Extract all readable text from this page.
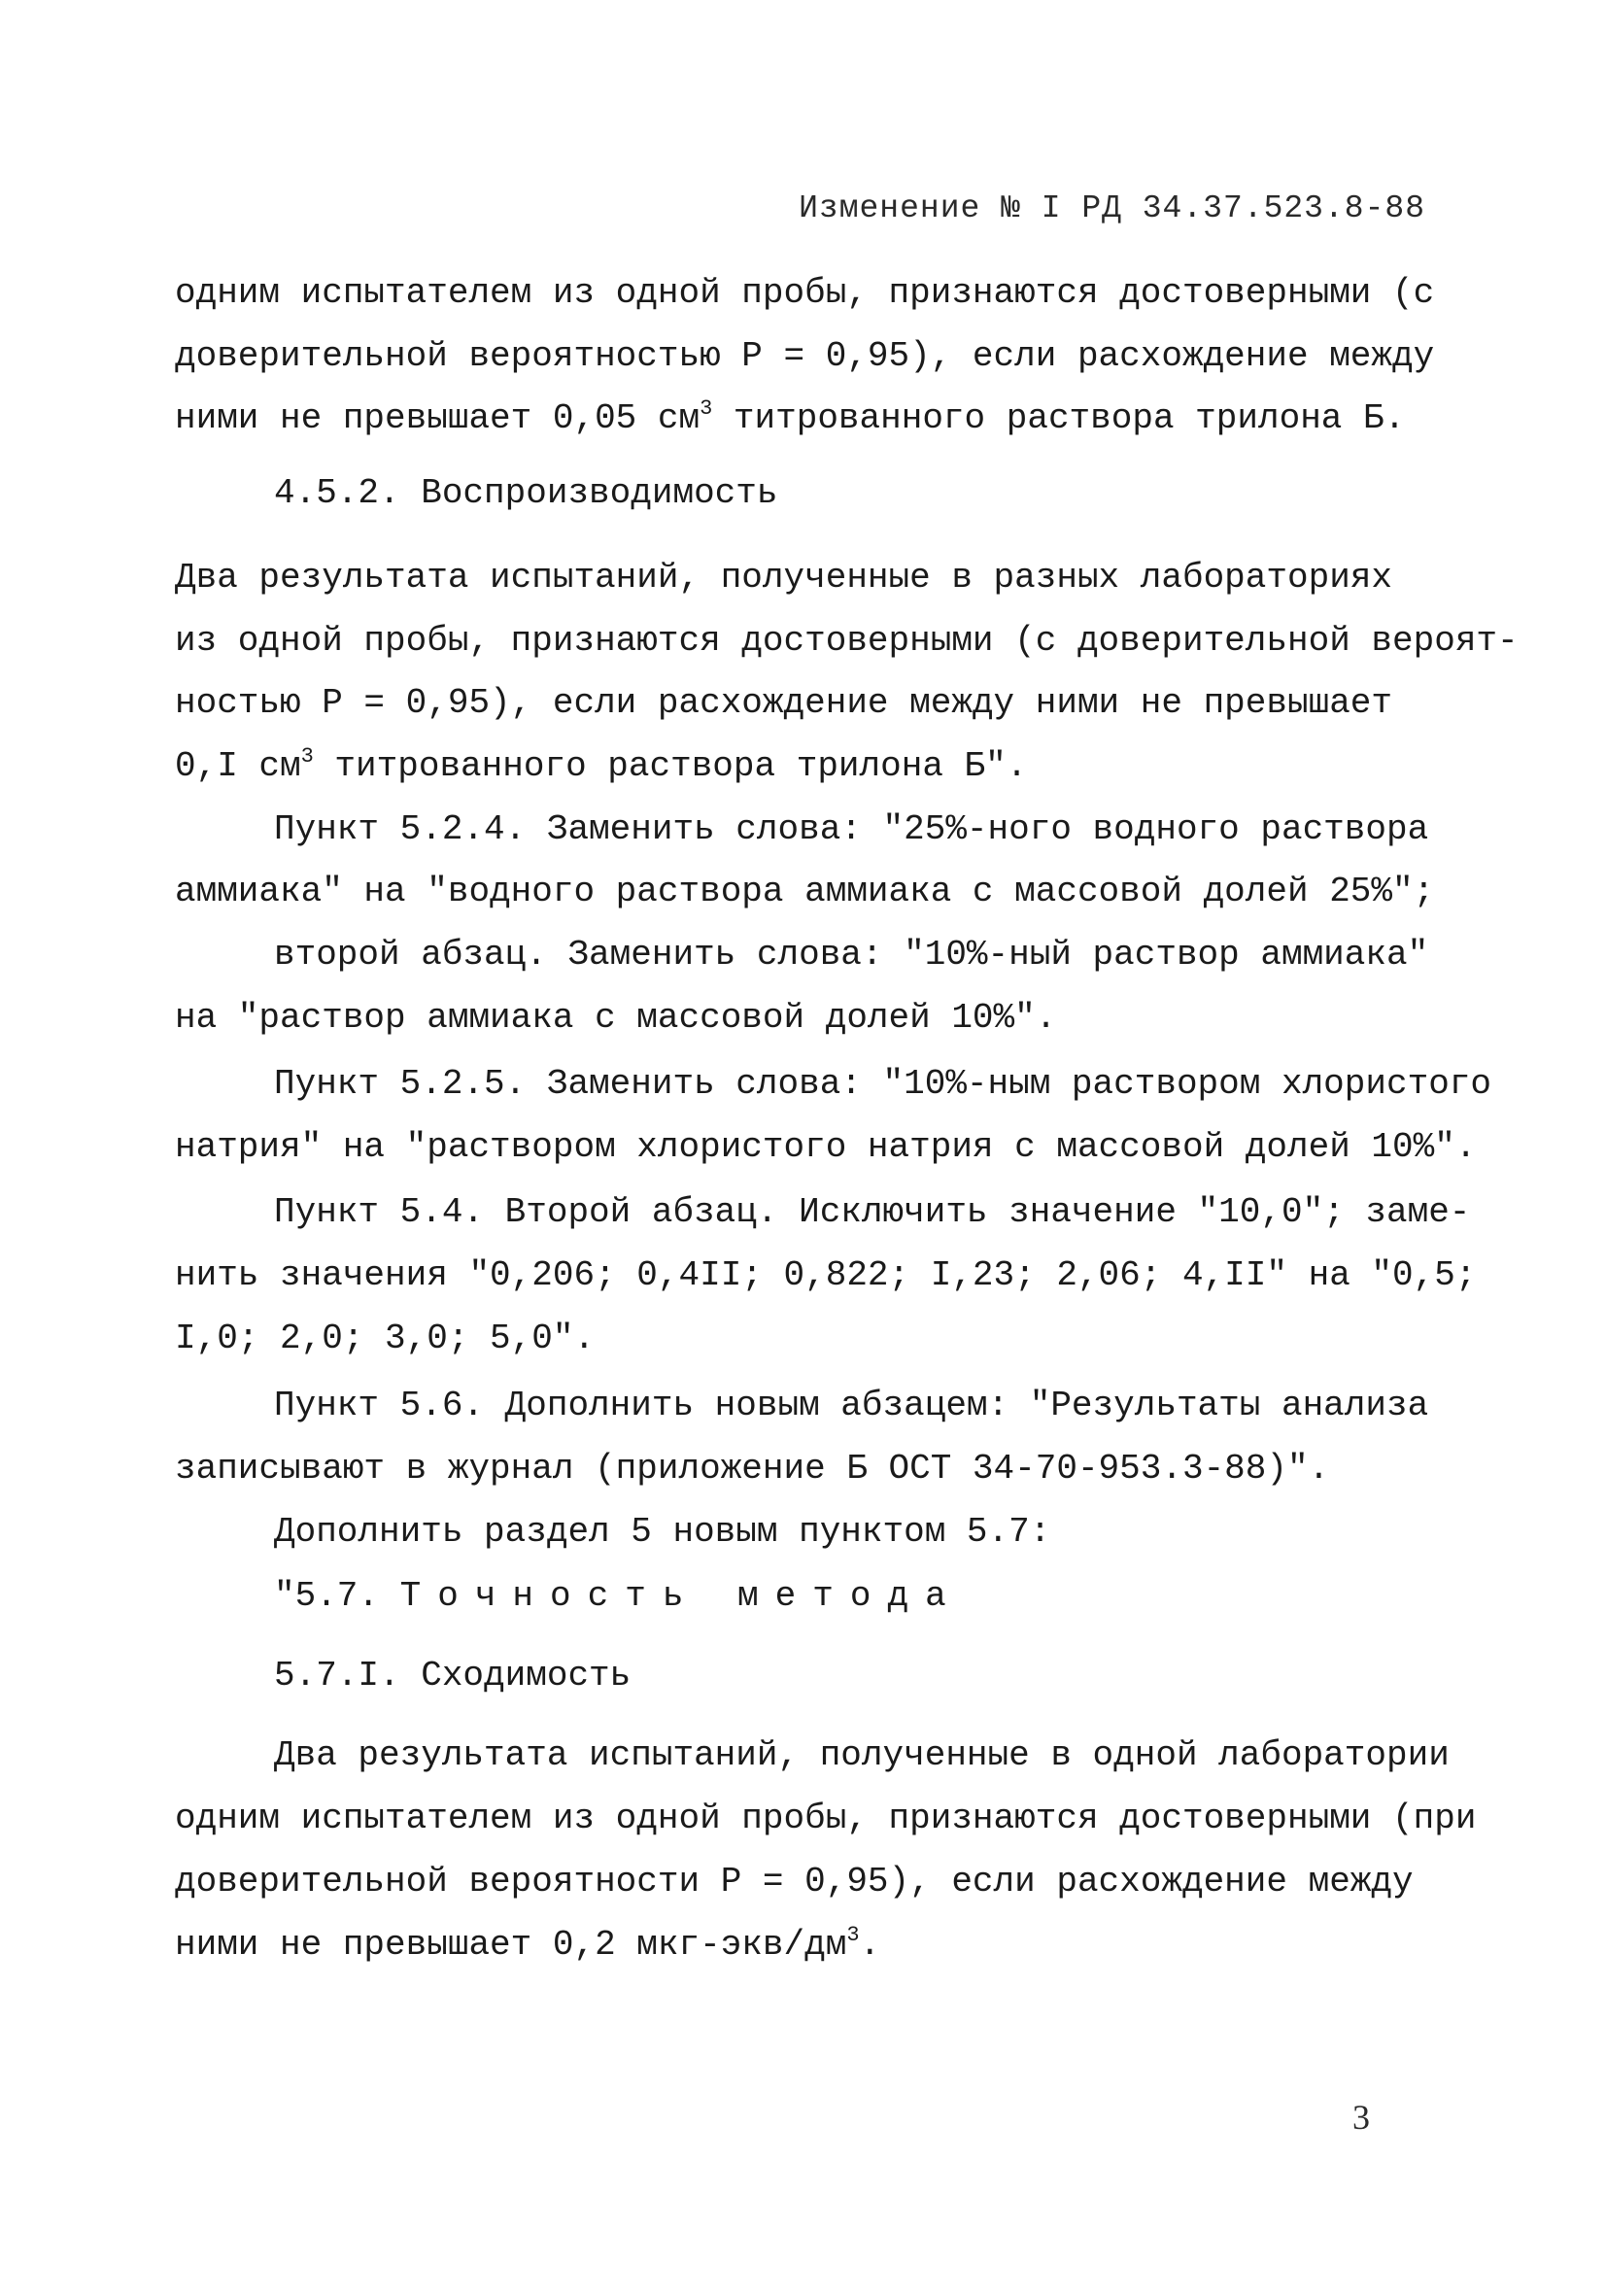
Изменение № I РД 34.37.523.8-88
одним испытателем из одной пробы, признаются достоверными (с
доверительной вероятностью Р = 0,95), если расхождение между
ними не превышает 0,05 $см^3$ титрованного раствора трилона Б.
4.5.2. Воспроизводимость
Два результата испытаний, полученные в разных лабораториях
из одной пробы, признаются достоверными (с доверительной вероят-
ностью Р = 0,95), если расхождение между ними не превышает
0,I $см^3$ титрованного раствора трилона Б".
Пункт 5.2.4. Заменить слова: "25%-ного водного раствора
аммиака" на "водного раствора аммиака с массовой долей 25%";
второй абзац. Заменить слова: "10%-ный раствор аммиака"
на "раствор аммиака с массовой долей 10%".
Пункт 5.2.5. Заменить слова: "10%-ным раствором хлористого
натрия" на "раствором хлористого натрия с массовой долей 10%".
Пункт 5.4. Второй абзац. Исключить значение "10,0"; заме-
нить значения "0,206; 0,4II; 0,822; I,23; 2,06; 4,II" на "0,5;
I,0; 2,0; 3,0; 5,0".
Пункт 5.6. Дополнить новым абзацем: "Результаты анализа
записывают в журнал (приложение Б ОСТ 34-70-953.3-88)".
Дополнить раздел 5 новым пунктом 5.7:
"5.7. Точность метода
5.7.I. Сходимость
Два результата испытаний, полученные в одной лаборатории
одним испытателем из одной пробы, признаются достоверными (при
доверительной вероятности Р = 0,95), если расхождение между
ними не превышает 0,2 мкг-$экв/дм^3$.
3
